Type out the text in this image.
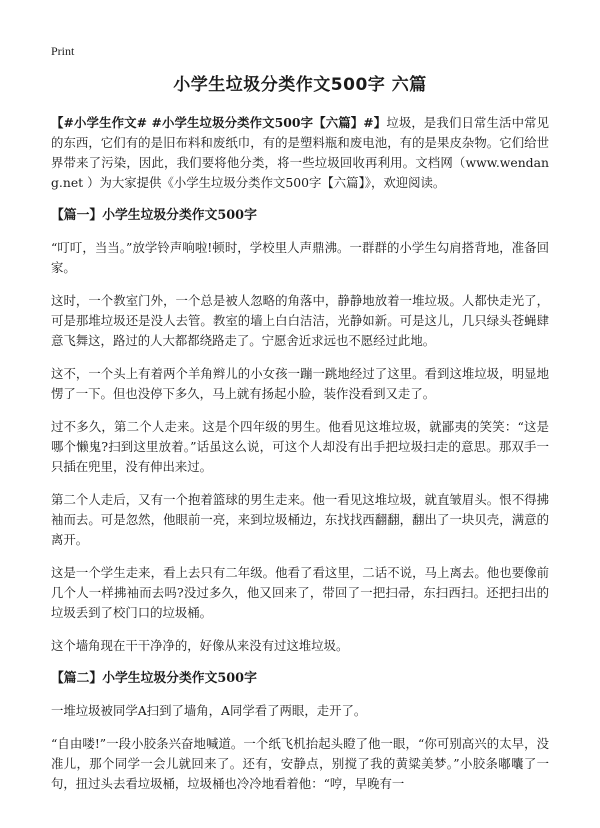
Print
小学生垃圾分类作文500字 六篇

【#小学生作文# #小学生垃圾分类作文500字【六篇】#】垃圾，是我们日常生活中常见的东西，它们有的是旧布料和废纸巾，有的是塑料瓶和废电池，有的是果皮杂物。它们给世界带来了污染，因此，我们要将他分类，将一些垃圾回收再利用。文档网（www.wendang.net ）为大家提供《小学生垃圾分类作文500字【六篇】》，欢迎阅读。

【篇一】小学生垃圾分类作文500字

“叮叮，当当。”放学铃声响啦!顿时，学校里人声鼎沸。一群群的小学生勾肩搭背地，准备回家。

这时，一个教室门外，一个总是被人忽略的角落中，静静地放着一堆垃圾。人都快走光了，可是那堆垃圾还是没人去管。教室的墙上白白洁洁，光静如新。可是这儿，几只绿头苍蝇肆意飞舞这，路过的人大都都绕路走了。宁愿舍近求远也不愿经过此地。

这不，一个头上有着两个羊角辫儿的小女孩一蹦一跳地经过了这里。看到这堆垃圾，明显地愣了一下。但也没停下多久，马上就有扬起小脸，装作没看到又走了。

过不多久，第二个人走来。这是个四年级的男生。他看见这堆垃圾，就鄙夷的笑笑：“这是哪个懒鬼?扫到这里放着。”话虽这么说，可这个人却没有出手把垃圾扫走的意思。那双手一只插在兜里，没有伸出来过。

第二个人走后，又有一个抱着篮球的男生走来。他一看见这堆垃圾，就直皱眉头。恨不得拂袖而去。可是忽然，他眼前一亮，来到垃圾桶边，东找找西翻翻，翻出了一块贝壳，满意的离开。

这是一个学生走来，看上去只有二年级。他看了看这里，二话不说，马上离去。他也要像前几个人一样拂袖而去吗?没过多久，他又回来了，带回了一把扫帚，东扫西扫。还把扫出的垃圾丢到了校门口的垃圾桶。

这个墙角现在干干净净的，好像从来没有过这堆垃圾。

【篇二】小学生垃圾分类作文500字

一堆垃圾被同学A扫到了墙角，A同学看了两眼，走开了。

“自由喽!”一段小胶条兴奋地喊道。一个纸飞机抬起头瞪了他一眼，“你可别高兴的太早，没准儿，那个同学一会儿就回来了。还有，安静点，别搅了我的黄粱美梦。”小胶条嘟囔了一句，扭过头去看垃圾桶，垃圾桶也冷冷地看着他：“哼，早晚有一
